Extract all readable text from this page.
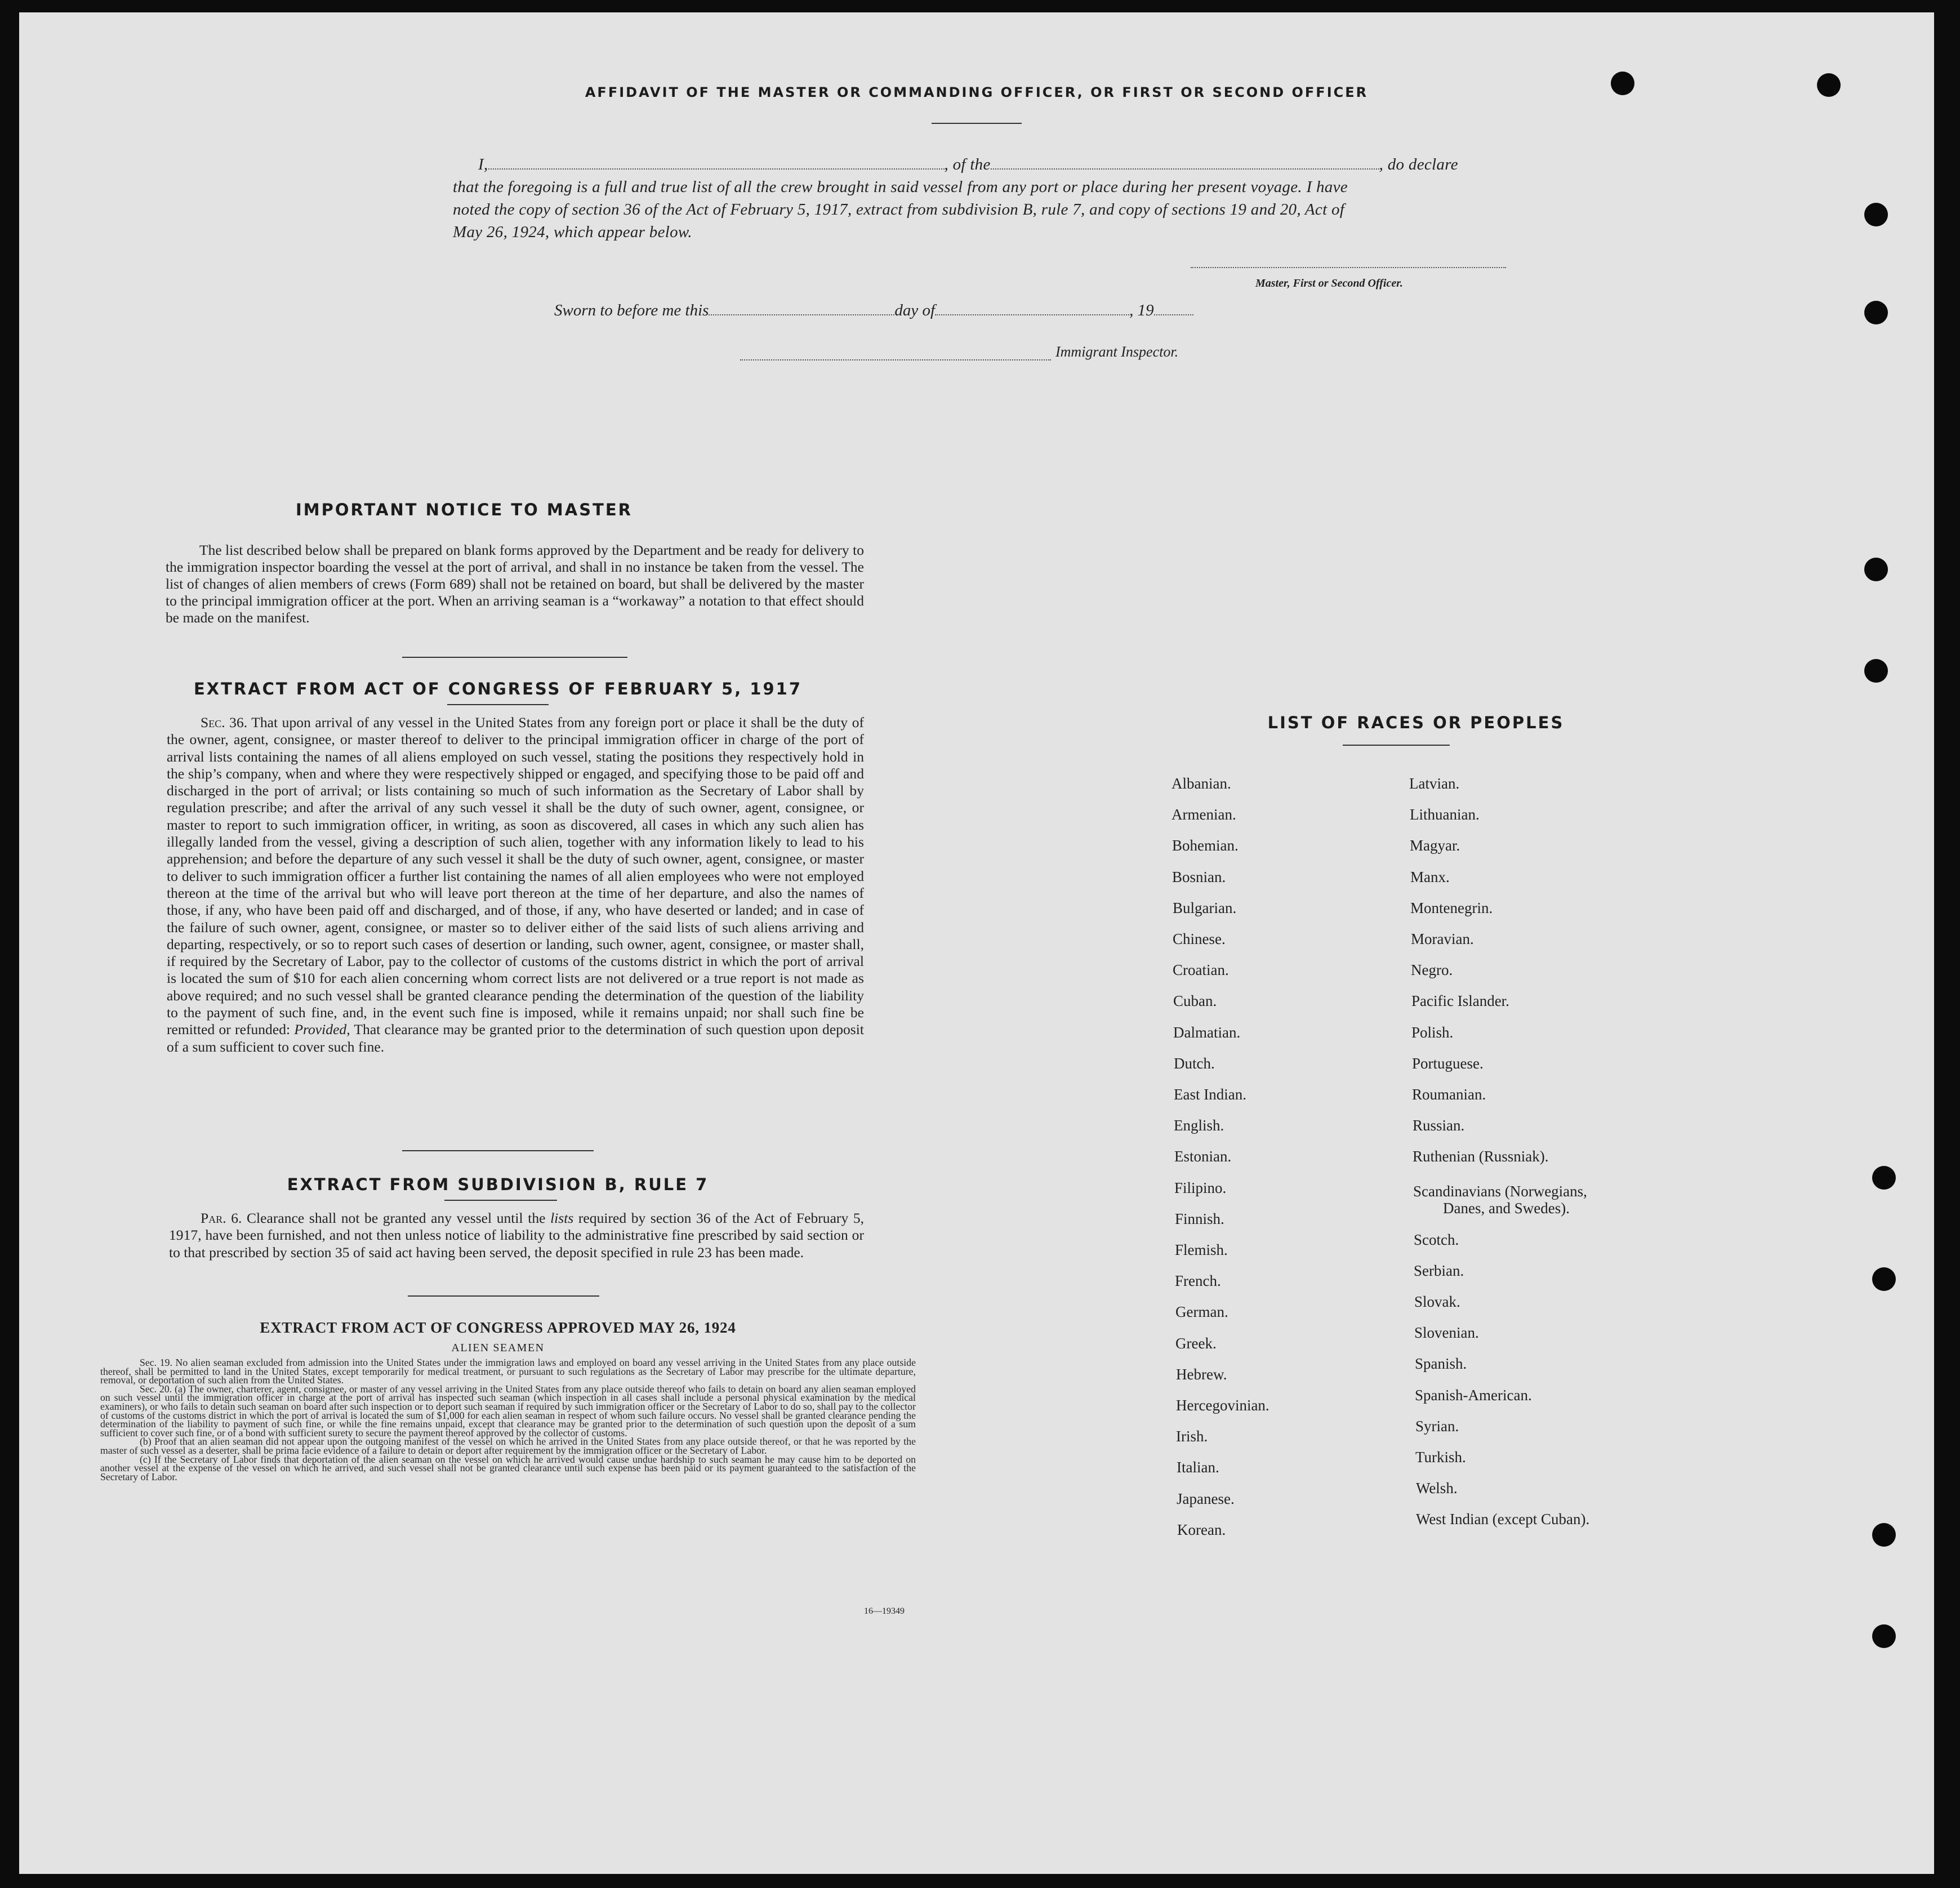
AFFIDAVIT OF THE MASTER OR COMMANDING OFFICER, OR FIRST OR SECOND OFFICER
I,	, of the	, do declare
that the foregoing is a full and true list of all the crew brought in said vessel from any port or place during her present voyage. I have
noted the copy of section 36 of the Act of February 5, 1917, extract from subdivision B, rule 7, and copy of sections 19 and 20, Act of
May 26, 1924, which appear below.
Master, First or Second Officer.
Sworn to before me this	day of	, 19
Immigrant Inspector.
IMPORTANT NOTICE TO MASTER
The list described below shall be prepared on blank forms approved by the Department and be ready for delivery to the immigration inspector boarding the vessel at the port of arrival, and shall in no instance be taken from the vessel. The list of changes of alien members of crews (Form 689) shall not be retained on board, but shall be delivered by the master to the principal immigration officer at the port. When an arriving seaman is a “workaway” a notation to that effect should be made on the manifest.
EXTRACT FROM ACT OF CONGRESS OF FEBRUARY 5, 1917
Sec. 36. That upon arrival of any vessel in the United States from any foreign port or place it shall be the duty of the owner, agent, consignee, or master thereof to deliver to the principal immigration officer in charge of the port of arrival lists containing the names of all aliens employed on such vessel, stating the positions they respectively hold in the ship’s company, when and where they were respectively shipped or engaged, and specifying those to be paid off and discharged in the port of arrival; or lists containing so much of such information as the Secretary of Labor shall by regulation prescribe; and after the arrival of any such vessel it shall be the duty of such owner, agent, consignee, or master to report to such immigration officer, in writing, as soon as discovered, all cases in which any such alien has illegally landed from the vessel, giving a description of such alien, together with any information likely to lead to his apprehension; and before the departure of any such vessel it shall be the duty of such owner, agent, consignee, or master to deliver to such immigration officer a further list containing the names of all alien employees who were not employed thereon at the time of the arrival but who will leave port thereon at the time of her departure, and also the names of those, if any, who have been paid off and discharged, and of those, if any, who have deserted or landed; and in case of the failure of such owner, agent, consignee, or master so to deliver either of the said lists of such aliens arriving and departing, respectively, or so to report such cases of desertion or landing, such owner, agent, consignee, or master shall, if required by the Secretary of Labor, pay to the collector of customs of the customs district in which the port of arrival is located the sum of $10 for each alien concerning whom correct lists are not delivered or a true report is not made as above required; and no such vessel shall be granted clearance pending the determination of the question of the liability to the payment of such fine, and, in the event such fine is imposed, while it remains unpaid; nor shall such fine be remitted or refunded: Provided, That clearance may be granted prior to the determination of such question upon deposit of a sum sufficient to cover such fine.
EXTRACT FROM SUBDIVISION B, RULE 7
Par. 6. Clearance shall not be granted any vessel until the lists required by section 36 of the Act of February 5, 1917, have been furnished, and not then unless notice of liability to the administrative fine prescribed by said section or to that prescribed by section 35 of said act having been served, the deposit specified in rule 23 has been made.
EXTRACT FROM ACT OF CONGRESS APPROVED MAY 26, 1924
ALIEN SEAMEN

Sec. 19. No alien seaman excluded from admission into the United States under the immigration laws and employed on board any vessel arriving in the United States from any place outside thereof, shall be permitted to land in the United States, except temporarily for medical treatment, or pursuant to such regulations as the Secretary of Labor may prescribe for the ultimate departure, removal, or deportation of such alien from the United States.

Sec. 20. (a) The owner, charterer, agent, consignee, or master of any vessel arriving in the United States from any place outside thereof who fails to detain on board any alien seaman employed on such vessel until the immigration officer in charge at the port of arrival has inspected such seaman (which inspection in all cases shall include a personal physical examination by the medical examiners), or who fails to detain such seaman on board after such inspection or to deport such seaman if required by such immigration officer or the Secretary of Labor to do so, shall pay to the collector of customs of the customs district in which the port of arrival is located the sum of $1,000 for each alien seaman in respect of whom such failure occurs. No vessel shall be granted clearance pending the determination of the liability to payment of such fine, or while the fine remains unpaid, except that clearance may be granted prior to the determination of such question upon the deposit of a sum sufficient to cover such fine, or of a bond with sufficient surety to secure the payment thereof approved by the collector of customs.

(b) Proof that an alien seaman did not appear upon the outgoing manifest of the vessel on which he arrived in the United States from any place outside thereof, or that he was reported by the master of such vessel as a deserter, shall be prima facie evidence of a failure to detain or deport after requirement by the immigration officer or the Secretary of Labor.

(c) If the Secretary of Labor finds that deportation of the alien seaman on the vessel on which he arrived would cause undue hardship to such seaman he may cause him to be deported on another vessel at the expense of the vessel on which he arrived, and such vessel shall not be granted clearance until such expense has been paid or its payment guaranteed to the satisfaction of the Secretary of Labor.

16—19349
LIST OF RACES OR PEOPLES
Albanian.
Armenian.
Bohemian.
Bosnian.
Bulgarian.
Chinese.
Croatian.
Cuban.
Dalmatian.
Dutch.
East Indian.
English.
Estonian.
Filipino.
Finnish.
Flemish.
French.
German.
Greek.
Hebrew.
Hercegovinian.
Irish.
Italian.
Japanese.
Korean.
Latvian.
Lithuanian.
Magyar.
Manx.
Montenegrin.
Moravian.
Negro.
Pacific Islander.
Polish.
Portuguese.
Roumanian.
Russian.
Ruthenian (Russniak).
Scandinavians (Norwegians,
Danes, and Swedes).
Scotch.
Serbian.
Slovak.
Slovenian.
Spanish.
Spanish-American.
Syrian.
Turkish.
Welsh.
West Indian (except Cuban).
